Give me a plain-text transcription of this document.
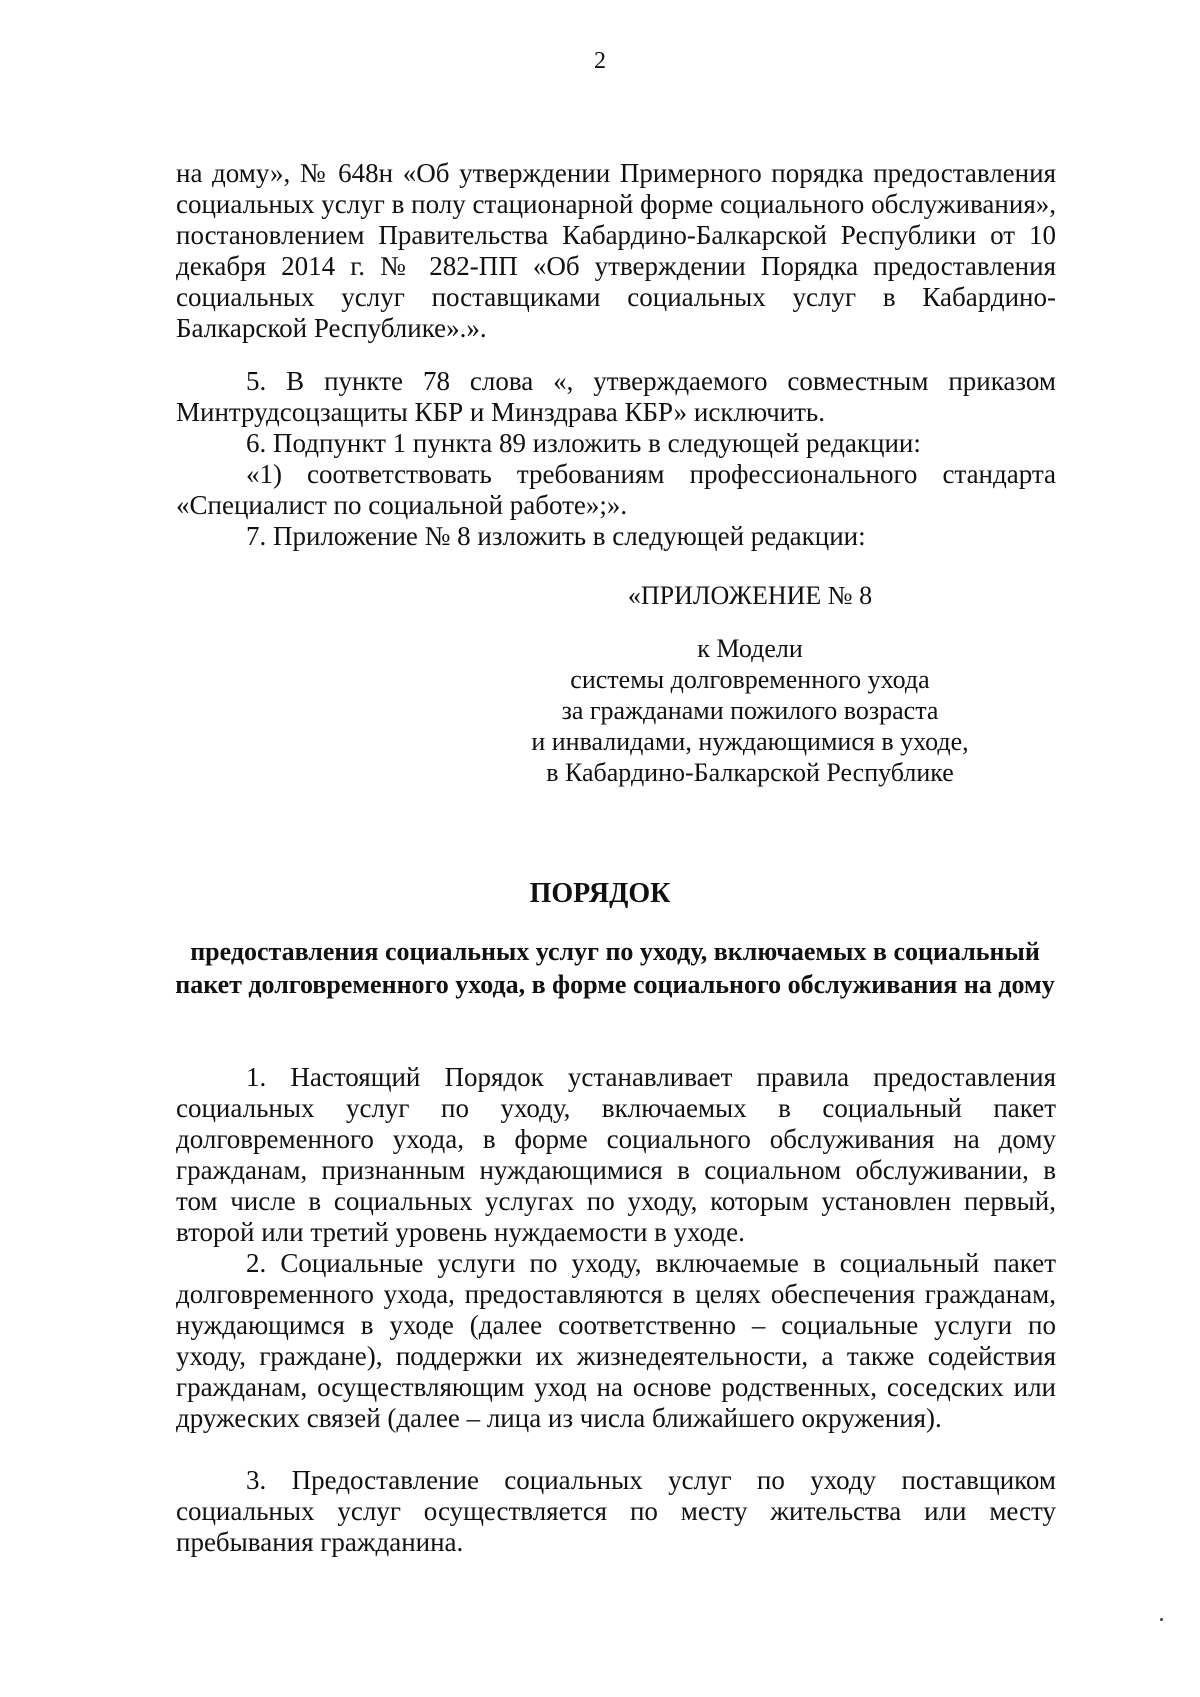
2

на дому», № 648н «Об утверждении Примерного порядка предоставления социальных услуг в полу стационарной форме социального обслуживания», постановлением Правительства Кабардино-Балкарской Республики от 10 декабря 2014 г. № 282-ПП «Об утверждении Порядка предоставления социальных услуг поставщиками социальных услуг в Кабардино-Балкарской Республике».».

5. В пункте 78 слова «, утверждаемого совместным приказом Минтрудсоцзащиты КБР и Минздрава КБР» исключить.

6. Подпункт 1 пункта 89 изложить в следующей редакции:

«1) соответствовать требованиям профессионального стандарта «Специалист по социальной работе»;».

7. Приложение № 8 изложить в следующей редакции:

«ПРИЛОЖЕНИЕ № 8
к Модели
системы долговременного ухода
за гражданами пожилого возраста
и инвалидами, нуждающимися в уходе,
в Кабардино-Балкарской Республике
ПОРЯДОК
предоставления социальных услуг по уходу, включаемых в социальный пакет долговременного ухода, в форме социального обслуживания на дому

1. Настоящий Порядок устанавливает правила предоставления социальных услуг по уходу, включаемых в социальный пакет долговременного ухода, в форме социального обслуживания на дому гражданам, признанным нуждающимися в социальном обслуживании, в том числе в социальных услугах по уходу, которым установлен первый, второй или третий уровень нуждаемости в уходе.

2. Социальные услуги по уходу, включаемые в социальный пакет долговременного ухода, предоставляются в целях обеспечения гражданам, нуждающимся в уходе (далее соответственно – социальные услуги по уходу, граждане), поддержки их жизнедеятельности, а также содействия гражданам, осуществляющим уход на основе родственных, соседских или дружеских связей (далее – лица из числа ближайшего окружения).

3. Предоставление социальных услуг по уходу поставщиком социальных услуг осуществляется по месту жительства или месту пребывания гражданина.
